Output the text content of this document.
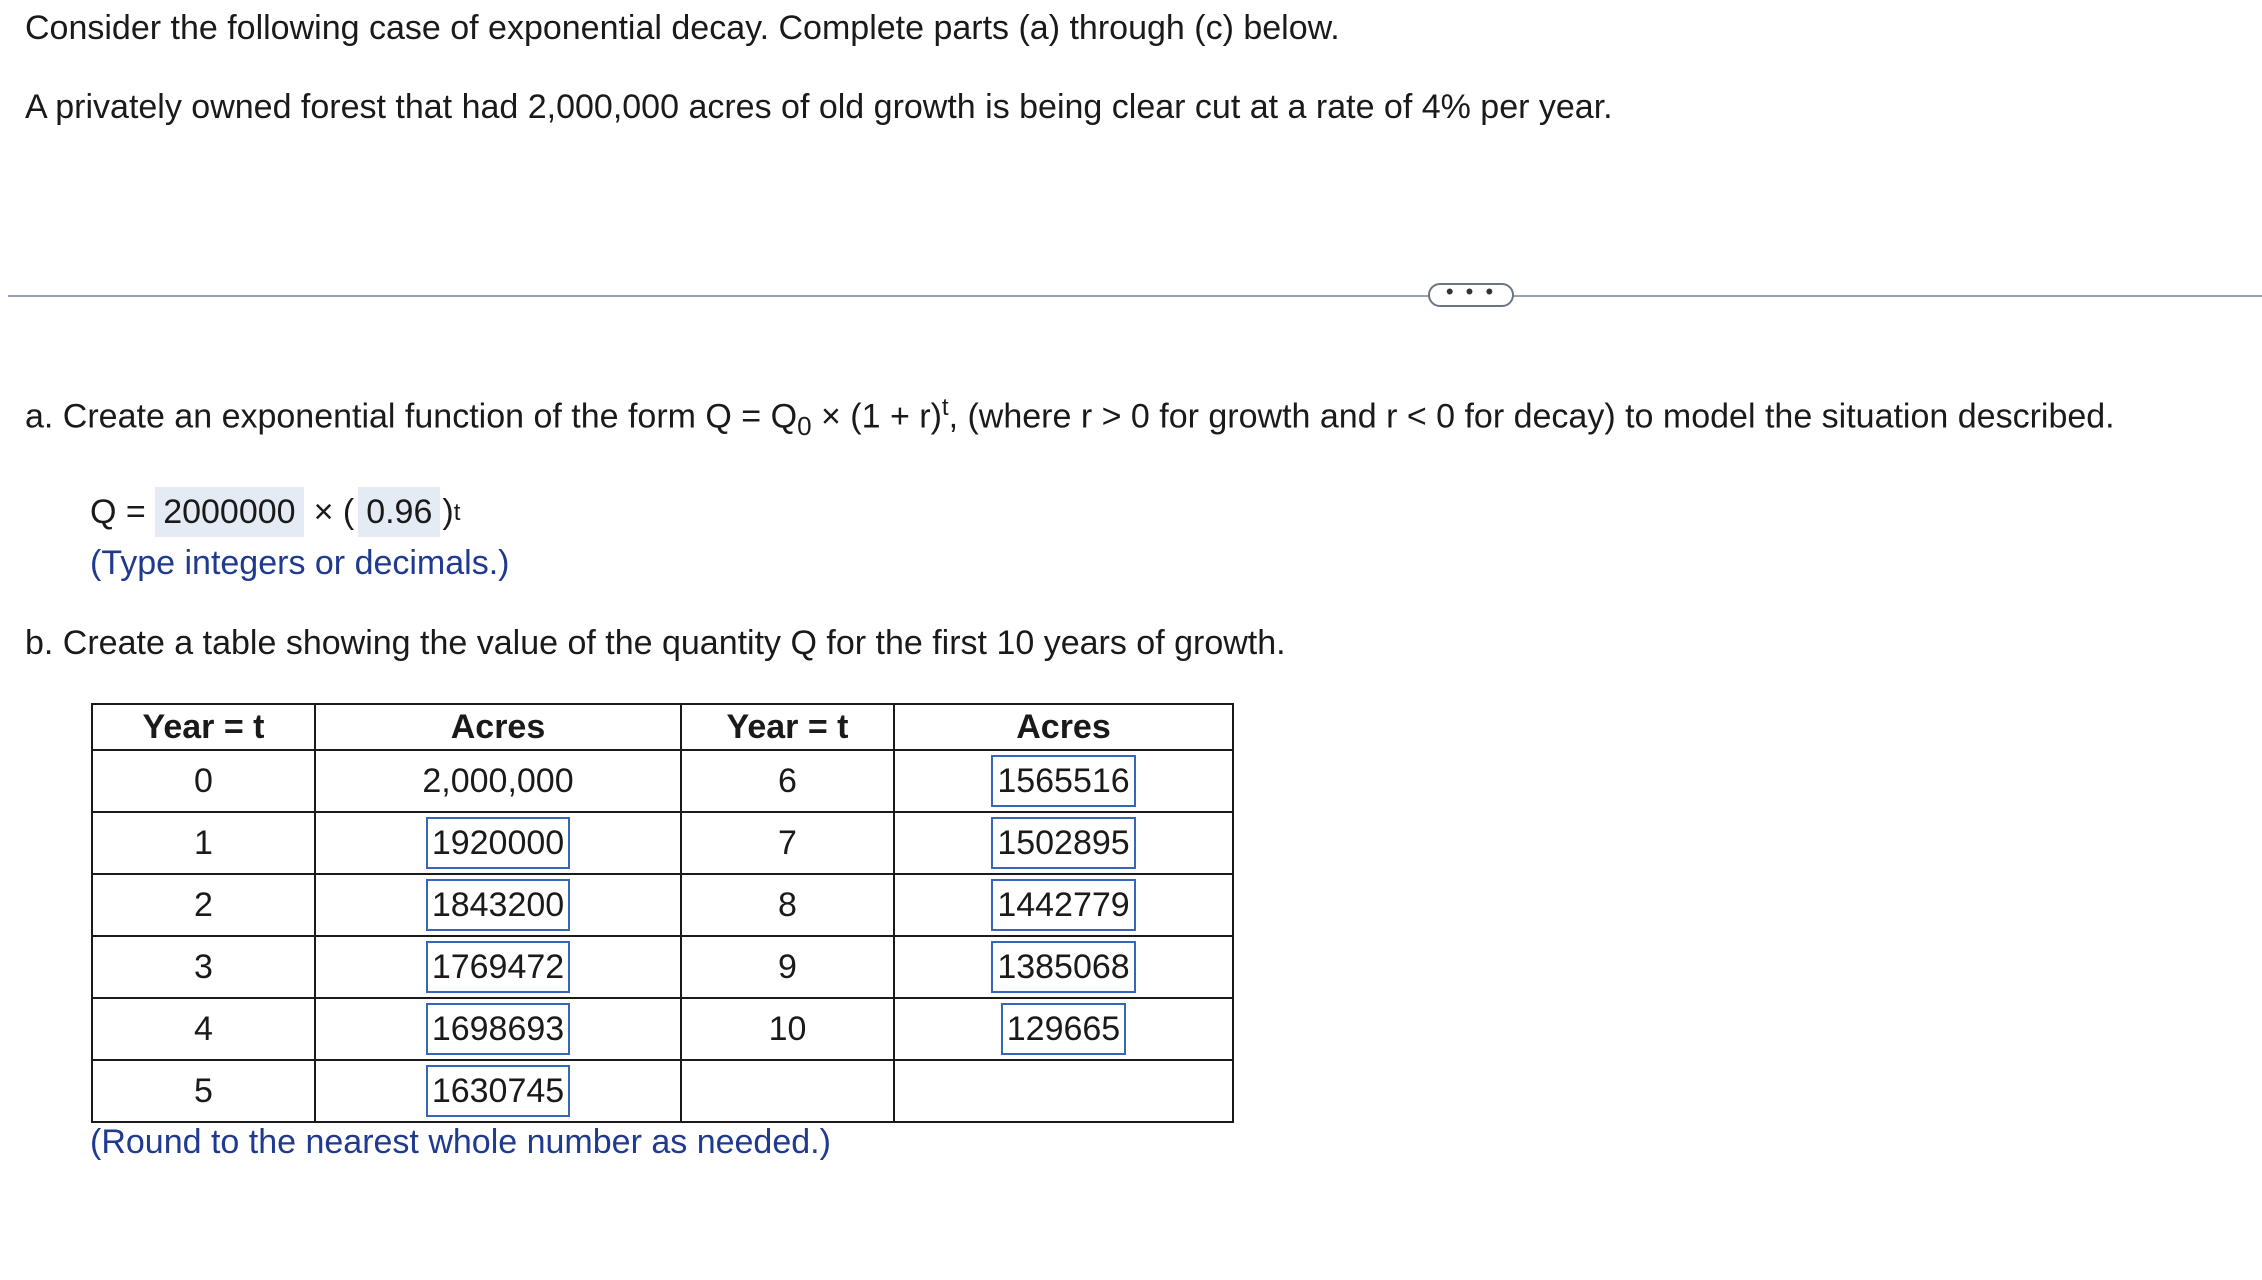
Consider the following case of exponential decay. Complete parts (a) through (c) below.

A privately owned forest that had 2,000,000 acres of old growth is being clear cut at a rate of 4% per year.

• • •

a. Create an exponential function of the form $Q = Q_0 \times (1 + r)^t$, (where r > 0 for growth and r < 0 for decay) to model the situation described.

Q = 2000000 × ( 0.96 ) t

(Type integers or decimals.)

b. Create a table showing the value of the quantity Q for the first 10 years of growth.

Year = t	Acres	Year = t	Acres
0	2,000,000	6	1565516
1	1920000	7	1502895
2	1843200	8	1442779
3	1769472	9	1385068
4	1698693	10	129665
5	1630745		

(Round to the nearest whole number as needed.)
